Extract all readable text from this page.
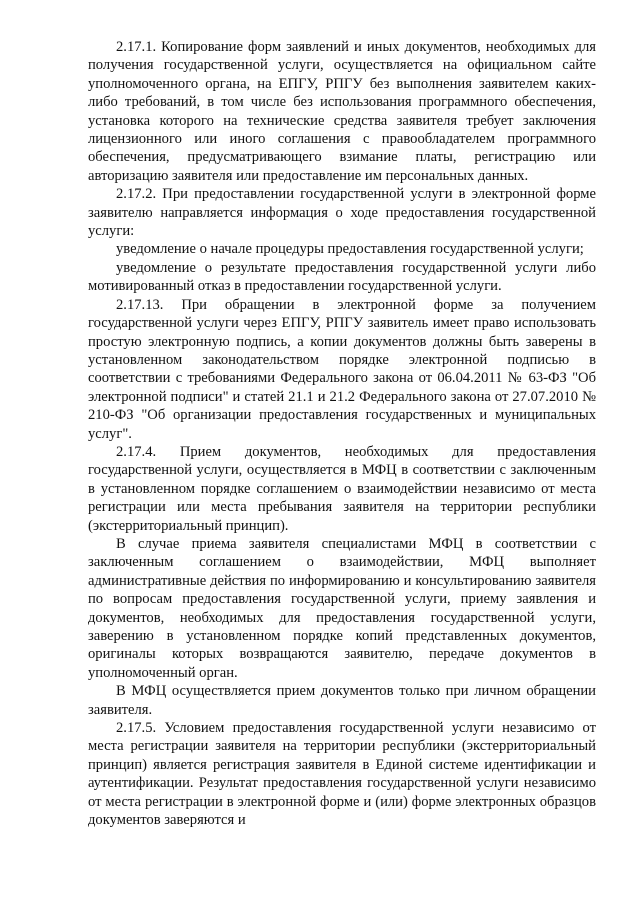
2.17.1. Копирование форм заявлений и иных документов, необходимых для получения государственной услуги, осуществляется на официальном сайте уполномоченного органа, на ЕПГУ, РПГУ без выполнения заявителем каких-либо требований, в том числе без использования программного обеспечения, установка которого на технические средства заявителя требует заключения лицензионного или иного соглашения с правообладателем программного обеспечения, предусматривающего взимание платы, регистрацию или авторизацию заявителя или предоставление им персональных данных.

2.17.2. При предоставлении государственной услуги в электронной форме заявителю направляется информация о ходе предоставления государственной услуги:

уведомление о начале процедуры предоставления государственной услуги;

уведомление о результате предоставления государственной услуги либо мотивированный отказ в предоставлении государственной услуги.

2.17.13. При обращении в электронной форме за получением государственной услуги через ЕПГУ, РПГУ заявитель имеет право использовать простую электронную подпись, а копии документов должны быть заверены в установленном законодательством порядке электронной подписью в соответствии с требованиями Федерального закона от 06.04.2011 № 63-ФЗ "Об электронной подписи" и статей 21.1 и 21.2 Федерального закона от 27.07.2010 № 210-ФЗ "Об организации предоставления государственных и муниципальных услуг".

2.17.4. Прием документов, необходимых для предоставления государственной услуги, осуществляется в МФЦ в соответствии с заключенным в установленном порядке соглашением о взаимодействии независимо от места регистрации или места пребывания заявителя на территории республики (экстерриториальный принцип).

В случае приема заявителя специалистами МФЦ в соответствии с заключенным соглашением о взаимодействии, МФЦ выполняет административные действия по информированию и консультированию заявителя по вопросам предоставления государственной услуги, приему заявления и документов, необходимых для предоставления государственной услуги, заверению в установленном порядке копий представленных документов, оригиналы которых возвращаются заявителю, передаче документов в уполномоченный орган.

В МФЦ осуществляется прием документов только при личном обращении заявителя.

2.17.5. Условием предоставления государственной услуги независимо от места регистрации заявителя на территории республики (экстерриториальный принцип) является регистрация заявителя в Единой системе идентификации и аутентификации. Результат предоставления государственной услуги независимо от места регистрации в электронной форме и (или) форме электронных образцов документов заверяются и
